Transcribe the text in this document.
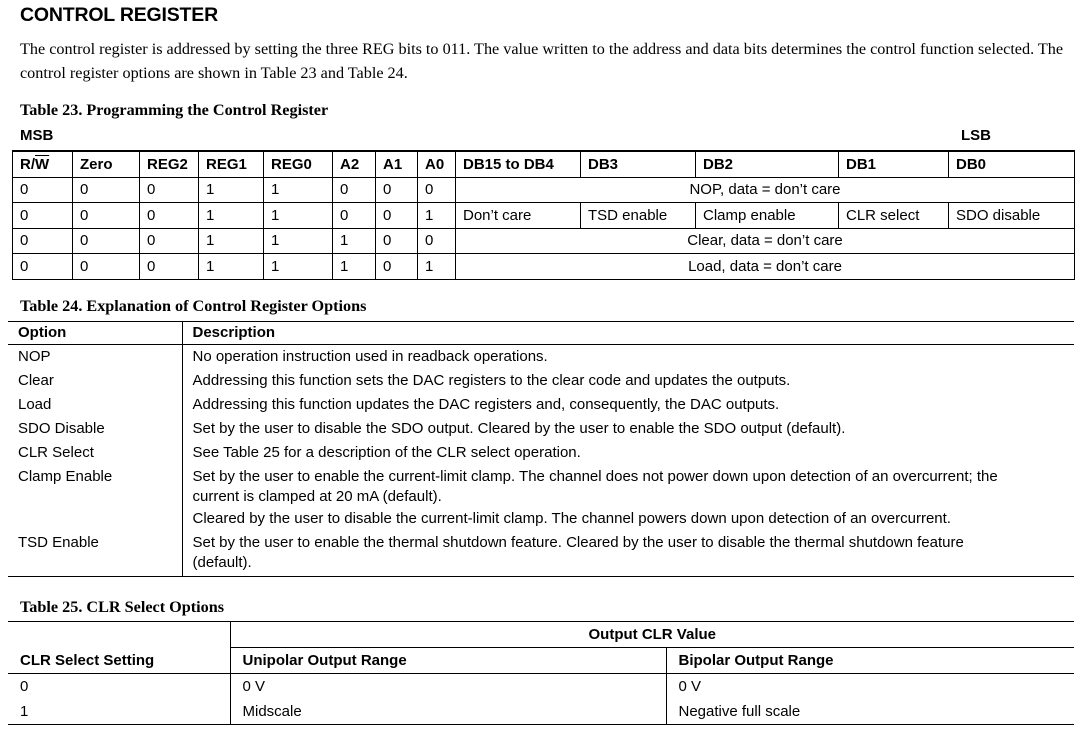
CONTROL REGISTER
The control register is addressed by setting the three REG bits to 011. The value written to the address and data bits determines the control function selected. The control register options are shown in Table 23 and Table 24.
Table 23. Programming the Control Register
MSB	LSB
$R/\overline{W}$	Zero	REG2	REG1	REG0	A2	A1	A0	DB15 to DB4	DB3	DB2	DB1	DB0
0	0	0	1	1	0	0	0	NOP, data = don’t care				
0	0	0	1	1	0	0	1	Don’t care	TSD enable	Clamp enable	CLR select	SDO disable
0	0	0	1	1	1	0	0	Clear, data = don’t care				
0	0	0	1	1	1	0	1	Load, data = don’t care				
Table 24. Explanation of Control Register Options
Option	Description
NOP	No operation instruction used in readback operations.
Clear	Addressing this function sets the DAC registers to the clear code and updates the outputs.
Load	Addressing this function updates the DAC registers and, consequently, the DAC outputs.
SDO Disable	Set by the user to disable the SDO output. Cleared by the user to enable the SDO output (default).
CLR Select	See Table 25 for a description of the CLR select operation.
Clamp Enable	Set by the user to enable the current-limit clamp. The channel does not power down upon detection of an overcurrent; the current is clamped at 20 mA (default).
Cleared by the user to disable the current-limit clamp. The channel powers down upon detection of an overcurrent.

TSD Enable	Set by the user to enable the thermal shutdown feature. Cleared by the user to disable the thermal shutdown feature (default).
Table 25. CLR Select Options
	Output CLR Value	
CLR Select Setting	Unipolar Output Range	Bipolar Output Range
0	0 V	0 V
1	Midscale	Negative full scale
